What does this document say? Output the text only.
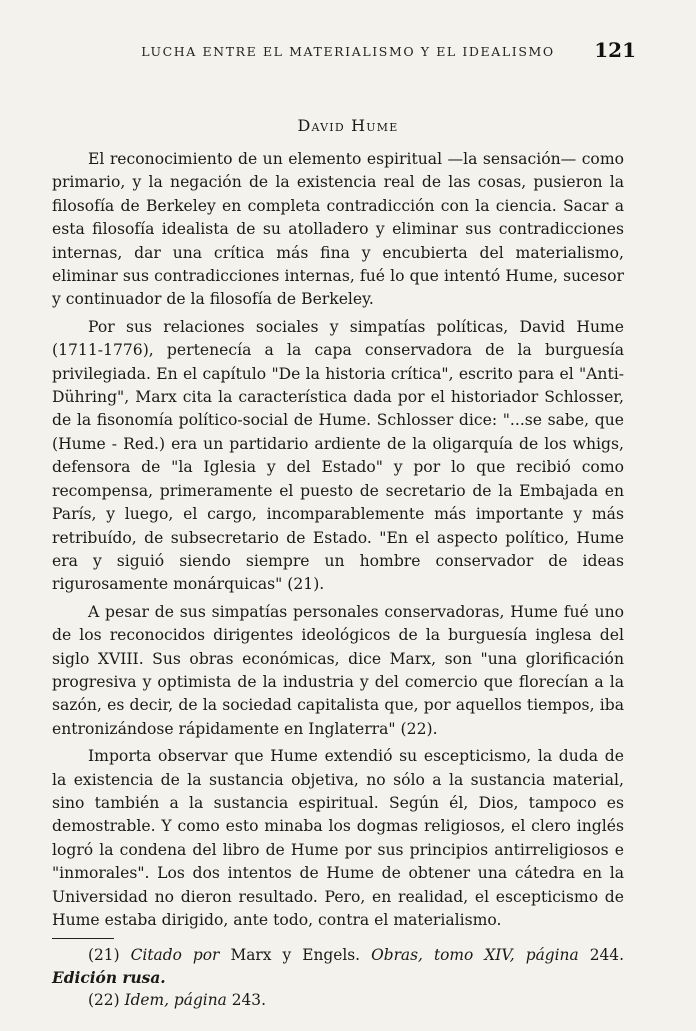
LUCHA ENTRE EL MATERIALISMO Y EL IDEALISMO	121
David Hume

El reconocimiento de un elemento espiritual —la sensación— como primario, y la negación de la existencia real de las cosas, pusieron la filosofía de Berkeley en completa contradicción con la ciencia. Sacar a esta filosofía idealista de su atolladero y eliminar sus contradicciones internas, dar una crítica más fina y encubierta del materialismo, eliminar sus contradicciones internas, fué lo que intentó Hume, sucesor y continuador de la filosofía de Berkeley.

Por sus relaciones sociales y simpatías políticas, David Hume (1711-1776), pertenecía a la capa conservadora de la burguesía privilegiada. En el capítulo "De la historia crítica", escrito para el "Anti-Dühring", Marx cita la característica dada por el historiador Schlosser, de la fisonomía político-social de Hume. Schlosser dice: "...se sabe, que (Hume - Red.) era un partidario ardiente de la oligarquía de los whigs, defensora de "la Iglesia y del Estado" y por lo que recibió como recompensa, primeramente el puesto de secretario de la Embajada en París, y luego, el cargo, incomparablemente más importante y más retribuído, de subsecretario de Estado. "En el aspecto político, Hume era y siguió siendo siempre un hombre conservador de ideas rigurosamente monárquicas" (21).

A pesar de sus simpatías personales conservadoras, Hume fué uno de los reconocidos dirigentes ideológicos de la burguesía inglesa del siglo XVIII. Sus obras económicas, dice Marx, son "una glorificación progresiva y optimista de la industria y del comercio que florecían a la sazón, es decir, de la sociedad capitalista que, por aquellos tiempos, iba entronizándose rápidamente en Inglaterra" (22).

Importa observar que Hume extendió su escepticismo, la duda de la existencia de la sustancia objetiva, no sólo a la sustancia material, sino también a la sustancia espiritual. Según él, Dios, tampoco es demostrable. Y como esto minaba los dogmas religiosos, el clero inglés logró la condena del libro de Hume por sus principios antirreligiosos e "inmorales". Los dos intentos de Hume de obtener una cátedra en la Universidad no dieron resultado. Pero, en realidad, el escepticismo de Hume estaba dirigido, ante todo, contra el materialismo.

(21) Citado por Marx y Engels. Obras, tomo XIV, página 244. Edición rusa.
(22) Idem, página 243.
